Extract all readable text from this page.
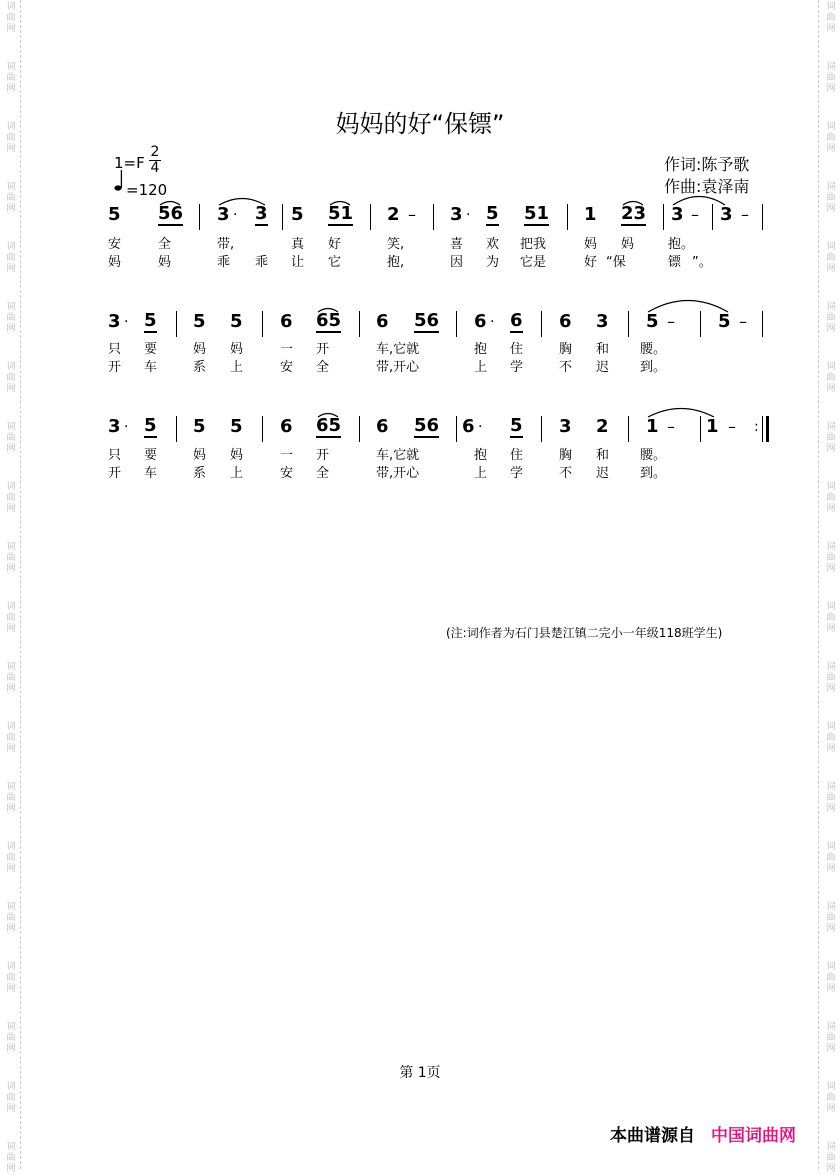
词
曲
网
词
曲
网
词
曲
网
词
曲
网
词
曲
网
词
曲
网
词
曲
网
词
曲
网
词
曲
网
词
曲
网
词
曲
网
词
曲
网
词
曲
网
词
曲
网
词
曲
网
词
曲
网
词
曲
网
词
曲
网
词
曲
网
词
曲
网
词
曲
网
词
曲
网
词
曲
网
词
曲
网
词
曲
网
词
曲
网
词
曲
网
词
曲
网
词
曲
网
词
曲
网
词
曲
网
词
曲
网
词
曲
网
词
曲
网
词
曲
网
词
曲
网
词
曲
网
词
曲
网
词
曲
网
词
曲
网
妈妈的好“保镖”
1=F
2
4
=120
作词:陈予歌
作曲:袁泽南
5 56 3 · 3 5 51 2 – 3 · 5 51 1 23 3 – 3 –
安	全	带,	真 好	笑,	喜 欢 把我	妈 妈	抱。
妈	妈	乖 乖 让 它	抱,	因 为 它是	好 “保	镖 ”。
3 · 5 5 5 6 65 6 56 6 · 6 6 3 5 – 5 –
只 要	妈 妈	一 开	车,它就	抱 住	胸 和 腰。
开 车	系 上	安 全	带,开心	上 学	不 迟 到。
3 · 5 5 5 6 65 6 56 6 · 5 3 2 1 – 1 – :
只 要	妈 妈	一 开	车,它就	抱 住	胸 和 腰。
开 车	系 上	安 全	带,开心	上 学	不 迟 到。
(注:词作者为石门县楚江镇二完小一年级118班学生)
第 1页
本曲谱源自 中国词曲网
